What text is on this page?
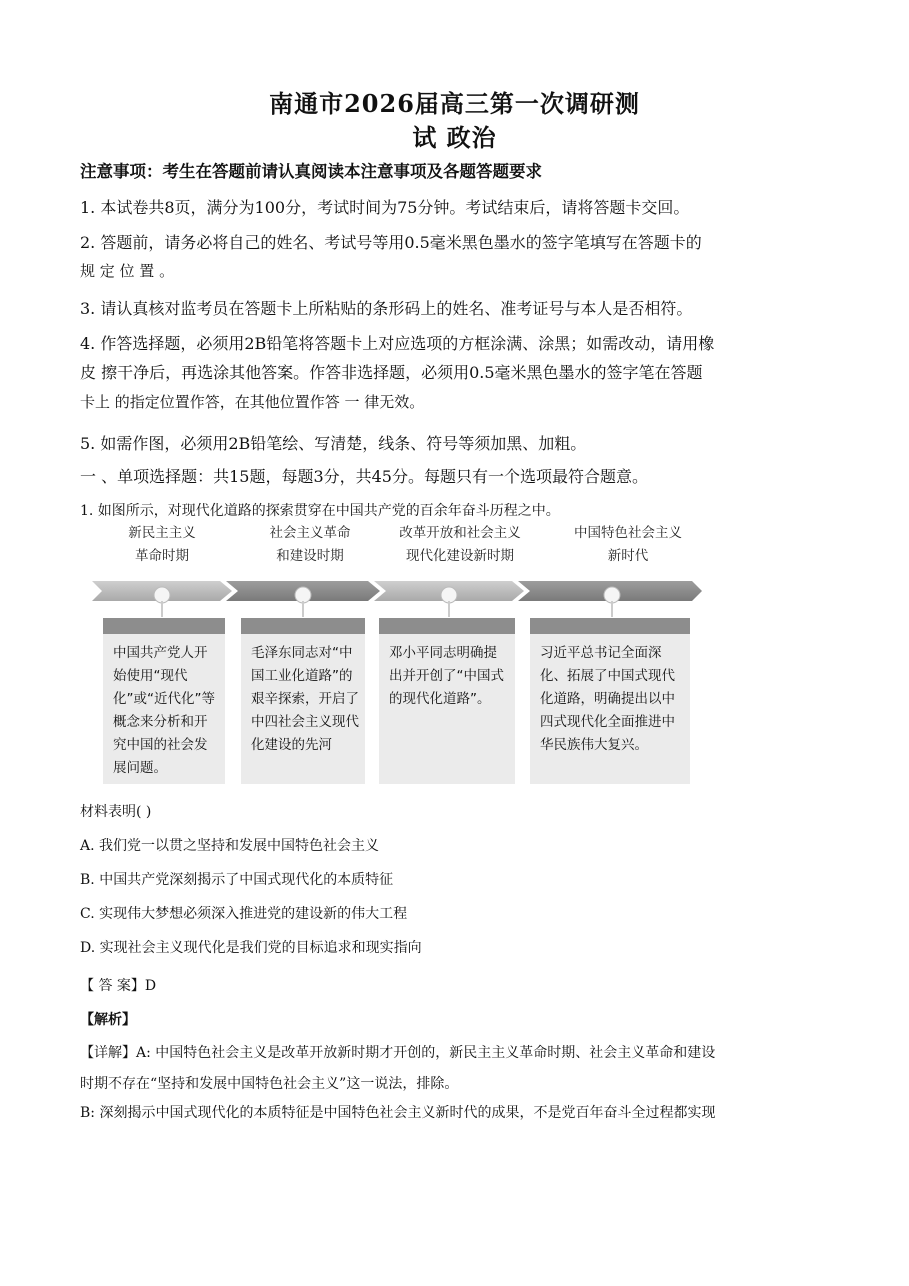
南通市2026届高三第一次调研测
试 政治
注意事项：考生在答题前请认真阅读本注意事项及各题答题要求
1. 本试卷共8页，满分为100分，考试时间为75分钟。考试结束后，请将答题卡交回。
2. 答题前，请务必将自己的姓名、考试号等用0.5毫米黑色墨水的签字笔填写在答题卡的
规 定 位 置 。
3. 请认真核对监考员在答题卡上所粘贴的条形码上的姓名、准考证号与本人是否相符。
4. 作答选择题，必须用2B铅笔将答题卡上对应选项的方框涂满、涂黑；如需改动，请用橡
皮 擦干净后，再选涂其他答案。作答非选择题，必须用0.5毫米黑色墨水的签字笔在答题
卡上 的指定位置作答，在其他位置作答 一 律无效。
5. 如需作图，必须用2B铅笔绘、写清楚，线条、符号等须加黑、加粗。
一 、单项选择题：共15题，每题3分，共45分。每题只有一个选项最符合题意。
1. 如图所示，对现代化道路的探索贯穿在中国共产党的百余年奋斗历程之中。
新民主主义
革命时期
社会主义革命
和建设时期
改革开放和社会主义
现代化建设新时期
中国特色社会主义
新时代
中国共产党人开始使用“现代化”或“近代化”等概念来分析和开究中国的社会发展问题。
毛泽东同志对“中国工业化道路”的艰辛探索，开启了中四社会主义现代化建设的先河
邓小平同志明确提出并开创了“中国式的现代化道路”。
习近平总书记全面深化、拓展了中国式现代化道路，明确提出以中四式现代化全面推进中华民族伟大复兴。
材料表明( )
A. 我们党一以贯之坚持和发展中国特色社会主义
B. 中国共产党深刻揭示了中国式现代化的本质特征
C. 实现伟大梦想必须深入推进党的建设新的伟大工程
D. 实现社会主义现代化是我们党的目标追求和现实指向
【 答 案】D
【解析】
【详解】A: 中国特色社会主义是改革开放新时期才开创的，新民主主义革命时期、社会主义革命和建设
时期不存在“坚持和发展中国特色社会主义”这一说法，排除。
B: 深刻揭示中国式现代化的本质特征是中国特色社会主义新时代的成果，不是党百年奋斗全过程都实现
